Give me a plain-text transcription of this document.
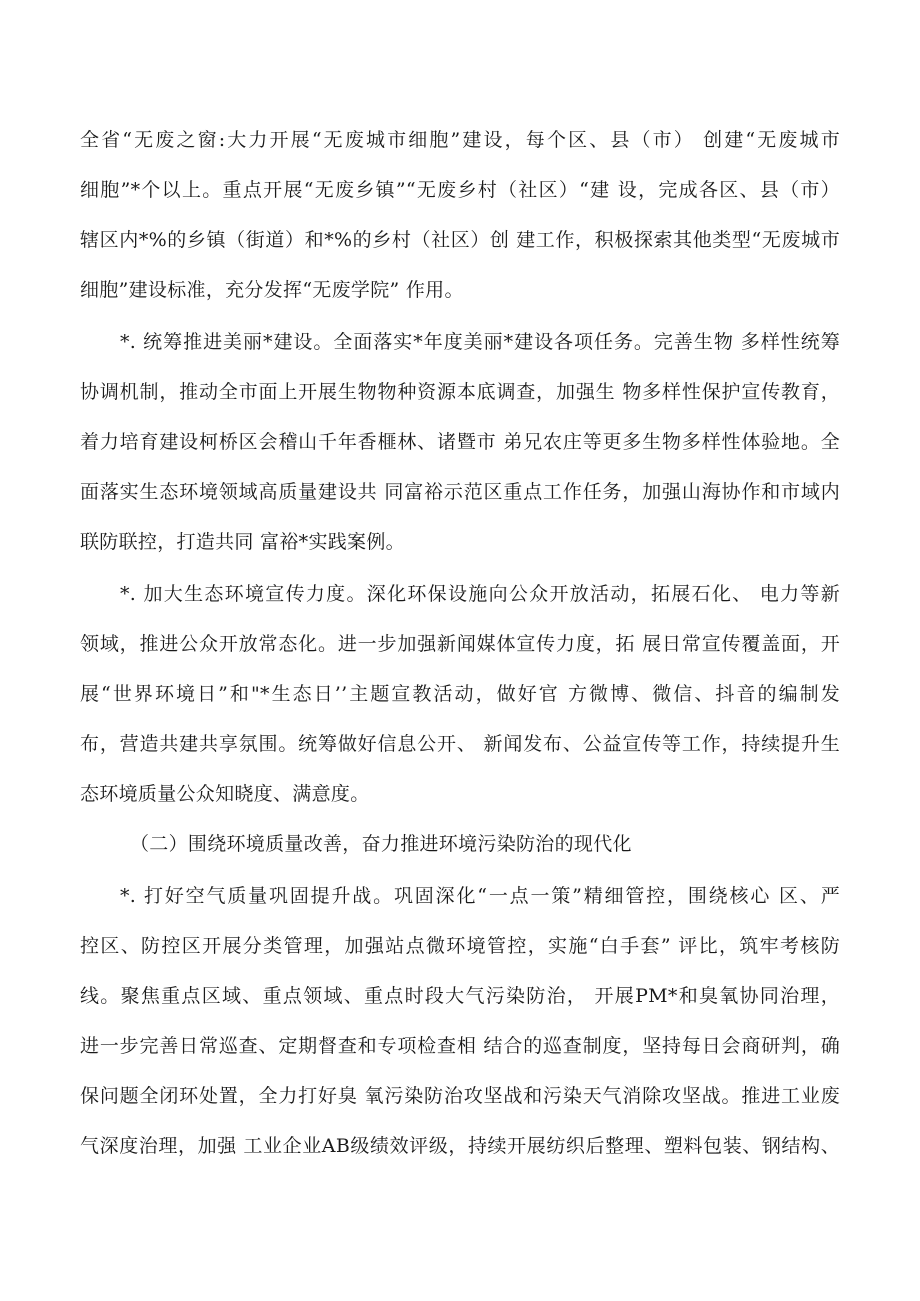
全省“无废之窗:大力开展“无废城市细胞”建设，每个区、县（市） 创建“无废城市
细胞”*个以上。重点开展“无废乡镇”“无废乡村（社区）“建 设，完成各区、县（市）
辖区内*%的乡镇（街道）和*%的乡村（社区）创 建工作，积极探索其他类型“无废城市
细胞”建设标准，充分发挥“无废学院” 作用。
*. 统筹推进美丽*建设。全面落实*年度美丽*建设各项任务。完善生物 多样性统筹
协调机制，推动全市面上开展生物物种资源本底调查，加强生 物多样性保护宣传教育，
着力培育建设柯桥区会稽山千年香榧林、诸暨市 弟兄农庄等更多生物多样性体验地。全
面落实生态环境领域高质量建设共 同富裕示范区重点工作任务，加强山海协作和市域内
联防联控，打造共同 富裕*实践案例。
*. 加大生态环境宣传力度。深化环保设施向公众开放活动，拓展石化、 电力等新
领域，推进公众开放常态化。进一步加强新闻媒体宣传力度，拓 展日常宣传覆盖面，开
展“世界环境日”和"*生态日’’主题宣教活动，做好官 方微博、微信、抖音的编制发
布，营造共建共享氛围。统筹做好信息公开、 新闻发布、公益宣传等工作，持续提升生
态环境质量公众知晓度、满意度。
（二）围绕环境质量改善，奋力推进环境污染防治的现代化
*. 打好空气质量巩固提升战。巩固深化“一点一策”精细管控，围绕核心 区、严
控区、防控区开展分类管理，加强站点微环境管控，实施“白手套” 评比，筑牢考核防
线。聚焦重点区域、重点领域、重点时段大气污染防治， 开展PM*和臭氧协同治理，
进一步完善日常巡查、定期督查和专项检查相 结合的巡查制度，坚持每日会商研判，确
保问题全闭环处置，全力打好臭 氧污染防治攻坚战和污染天气消除攻坚战。推进工业废
气深度治理，加强 工业企业AB级绩效评级，持续开展纺织后整理、塑料包装、钢结构、
